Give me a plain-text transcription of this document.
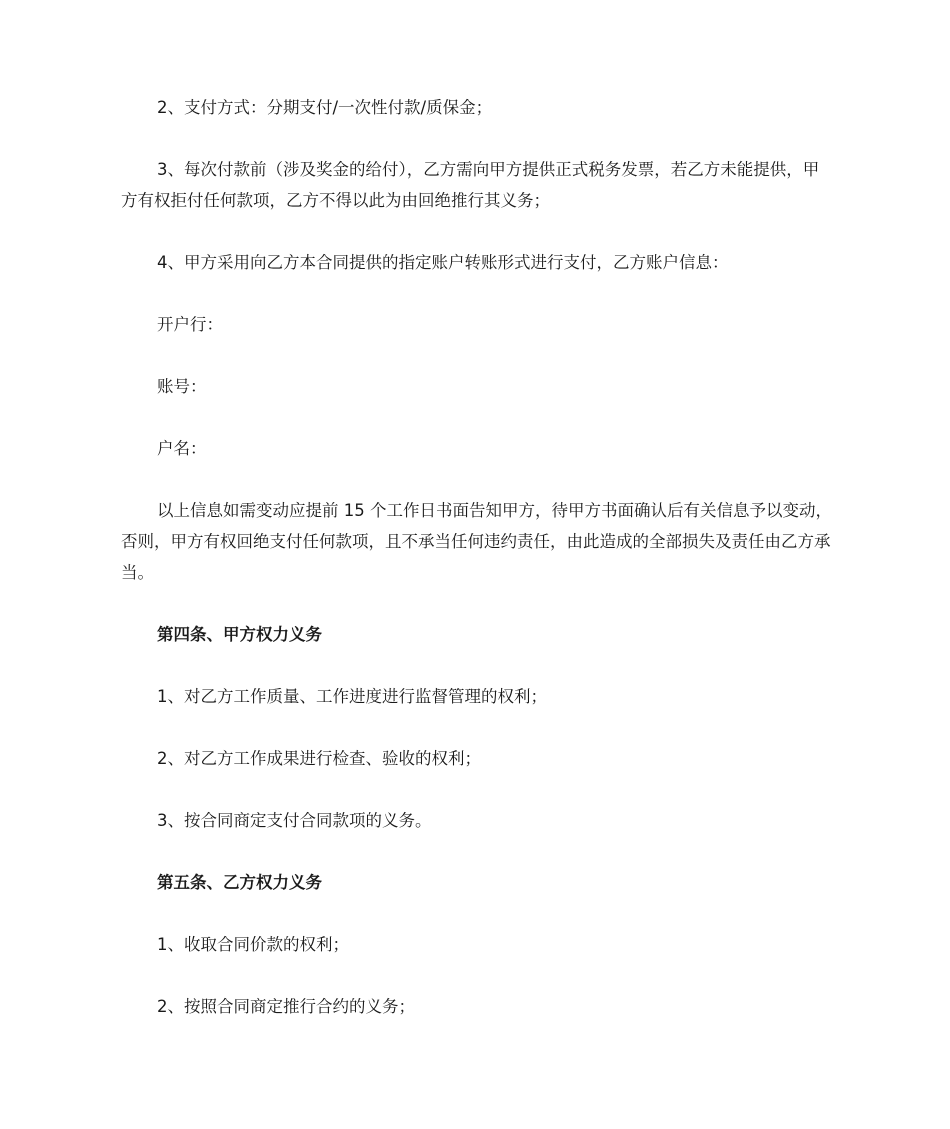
2、支付方式：分期支付/一次性付款/质保金；

3、每次付款前（涉及奖金的给付），乙方需向甲方提供正式税务发票，若乙方未能提供，甲方有权拒付任何款项，乙方不得以此为由回绝推行其义务；

4、甲方采用向乙方本合同提供的指定账户转账形式进行支付，乙方账户信息：

开户行：

账号：

户名：

以上信息如需变动应提前 15 个工作日书面告知甲方，待甲方书面确认后有关信息予以变动，否则，甲方有权回绝支付任何款项，且不承当任何违约责任，由此造成的全部损失及责任由乙方承当。

第四条、甲方权力义务

1、对乙方工作质量、工作进度进行监督管理的权利；

2、对乙方工作成果进行检查、验收的权利；

3、按合同商定支付合同款项的义务。

第五条、乙方权力义务

1、收取合同价款的权利；

2、按照合同商定推行合约的义务；
